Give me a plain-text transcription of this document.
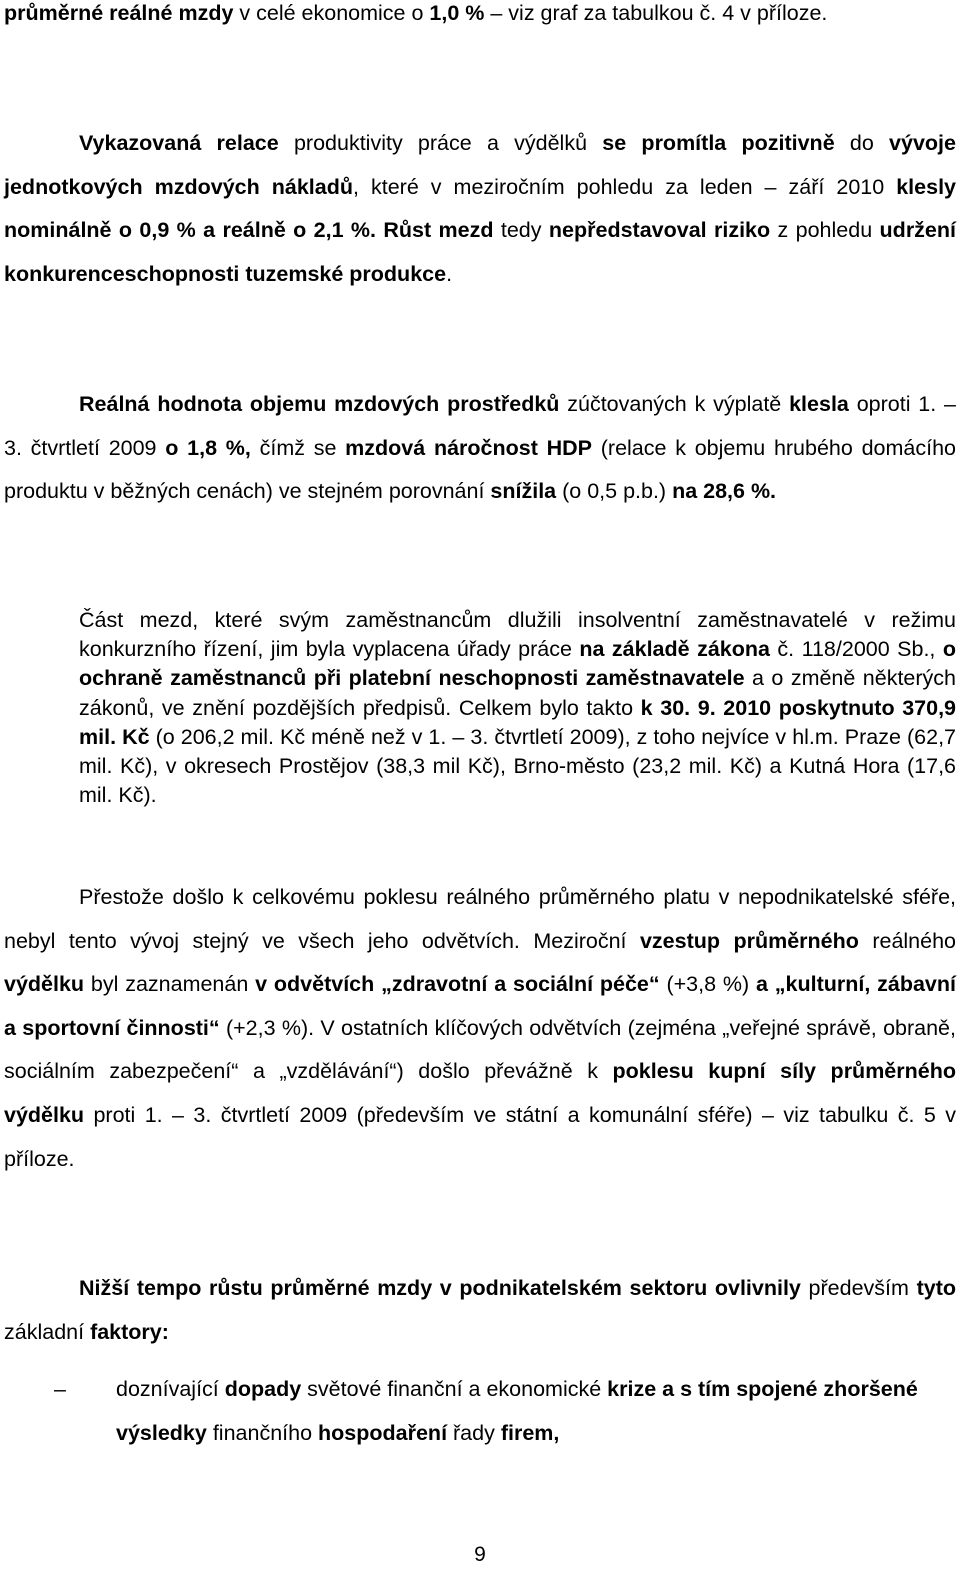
průměrné reálné mzdy v celé ekonomice o 1,0 % – viz graf za tabulkou č. 4 v příloze.

Vykazovaná relace produktivity práce a výdělků se promítla pozitivně do vývoje jednotkových mzdových nákladů, které v meziročním pohledu za leden – září 2010 klesly nominálně o 0,9 % a reálně o 2,1 %. Růst mezd tedy nepředstavoval riziko z pohledu udržení konkurenceschopnosti tuzemské produkce.

Reálná hodnota objemu mzdových prostředků zúčtovaných k výplatě klesla oproti 1. – 3. čtvrtletí 2009 o 1,8 %, čímž se mzdová náročnost HDP (relace k objemu hrubého domácího produktu v běžných cenách) ve stejném porovnání snížila (o 0,5 p.b.) na 28,6 %.

Část mezd, které svým zaměstnancům dlužili insolventní zaměstnavatelé v režimu konkurzního řízení, jim byla vyplacena úřady práce na základě zákona č. 118/2000 Sb., o ochraně zaměstnanců při platební neschopnosti zaměstnavatele a o změně některých zákonů, ve znění pozdějších předpisů. Celkem bylo takto k 30. 9. 2010 poskytnuto 370,9 mil. Kč (o 206,2 mil. Kč méně než v 1. – 3. čtvrtletí 2009), z toho nejvíce v hl.m. Praze (62,7 mil. Kč), v okresech Prostějov (38,3 mil Kč), Brno-město (23,2 mil. Kč) a Kutná Hora (17,6 mil. Kč).

Přestože došlo k celkovému poklesu reálného průměrného platu v nepodnikatelské sféře, nebyl tento vývoj stejný ve všech jeho odvětvích. Meziroční vzestup průměrného reálného výdělku byl zaznamenán v odvětvích „zdravotní a sociální péče“ (+3,8 %) a „kulturní, zábavní a sportovní činnosti“ (+2,3 %). V ostatních klíčových odvětvích (zejména „veřejné správě, obraně, sociálním zabezpečení“ a „vzdělávání“) došlo převážně k poklesu kupní síly průměrného výdělku proti 1. – 3. čtvrtletí 2009 (především ve státní a komunální sféře) – viz tabulku č. 5 v příloze.

Nižší tempo růstu průměrné mzdy v podnikatelském sektoru ovlivnily především tyto základní faktory:

– doznívající dopady světové finanční a ekonomické krize a s tím spojené zhoršené výsledky finančního hospodaření řady firem,

9
